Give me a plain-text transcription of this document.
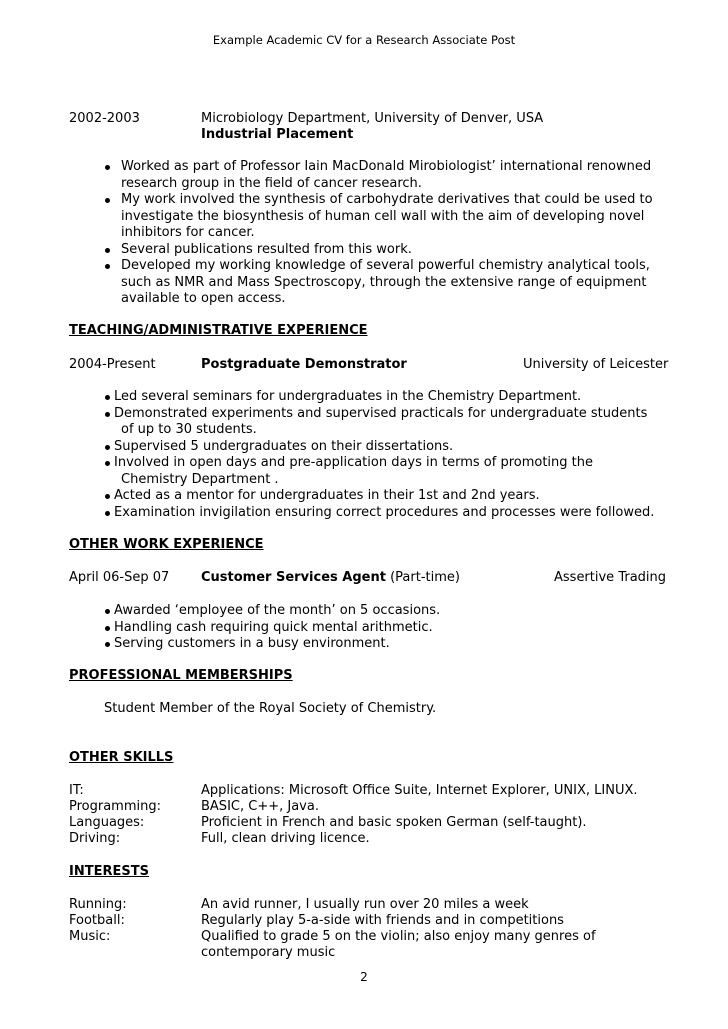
Example Academic CV for a Research Associate Post
2002-2003	Microbiology Department, University of Denver, USA
Industrial Placement
Worked as part of Professor Iain MacDonald Mirobiologist’ international renowned
research group in the field of cancer research.
My work involved the synthesis of carbohydrate derivatives that could be used to
investigate the biosynthesis of human cell wall with the aim of developing novel
inhibitors for cancer.
Several publications resulted from this work.
Developed my working knowledge of several powerful chemistry analytical tools,
such as NMR and Mass Spectroscopy, through the extensive range of equipment
available to open access.
TEACHING/ADMINISTRATIVE EXPERIENCE
2004-Present	Postgraduate Demonstrator	University of Leicester
Led several seminars for undergraduates in the Chemistry Department.
Demonstrated experiments and supervised practicals for undergraduate students
of up to 30 students.
Supervised 5 undergraduates on their dissertations.
Involved in open days and pre-application days in terms of promoting the
Chemistry Department .
Acted as a mentor for undergraduates in their 1st and 2nd years.
Examination invigilation ensuring correct procedures and processes were followed.
OTHER WORK EXPERIENCE
April 06-Sep 07 Customer Services Agent (Part-time)	Assertive Trading
Awarded ‘employee of the month’ on 5 occasions.
Handling cash requiring quick mental arithmetic.
Serving customers in a busy environment.
PROFESSIONAL MEMBERSHIPS
Student Member of the Royal Society of Chemistry.
OTHER SKILLS
IT:	Applications: Microsoft Office Suite, Internet Explorer, UNIX, LINUX.
Programming:	BASIC, C++, Java.
Languages:	Proficient in French and basic spoken German (self-taught).
Driving:	Full, clean driving licence.
INTERESTS
Running:	An avid runner, I usually run over 20 miles a week
Football:	Regularly play 5-a-side with friends and in competitions
Music:	Qualified to grade 5 on the violin; also enjoy many genres of
contemporary music
2
